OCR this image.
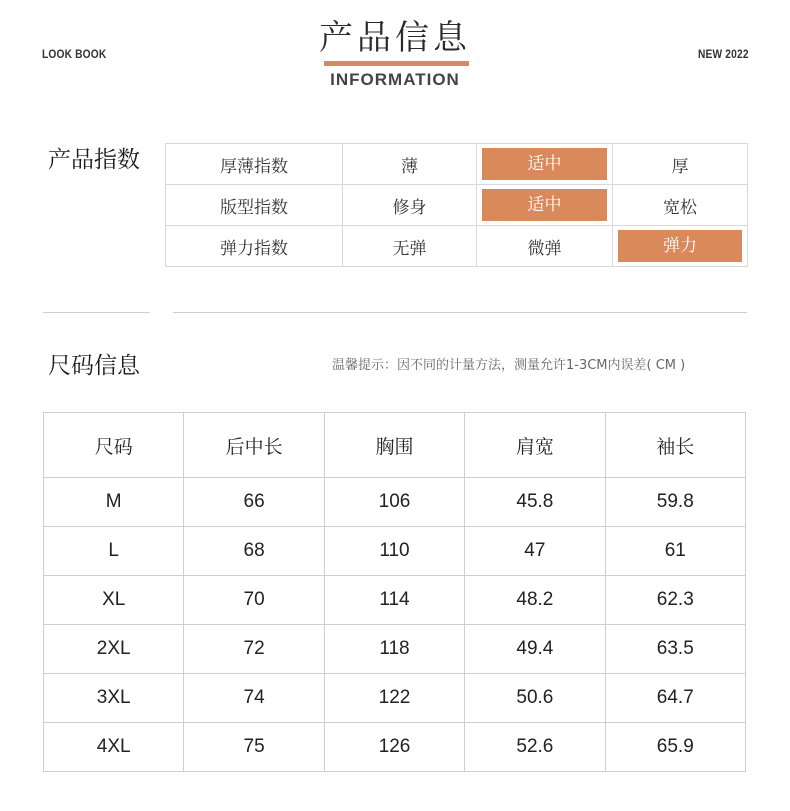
LOOK BOOK	NEW 2022
产品信息
INFORMATION
产品指数	厚薄指数	薄	适中	厚
版型指数	修身	适中	宽松
弹力指数	无弹	微弹	弹力
尺码信息	温馨提示：因不同的计量方法，测量允许1-3CM内误差( CM )
尺码	后中长	胸围	肩宽	袖长
M	66	106	45.8	59.8
L	68	110	47	61
XL	70	114	48.2	62.3
2XL	72	118	49.4	63.5
3XL	74	122	50.6	64.7
4XL	75	126	52.6	65.9
